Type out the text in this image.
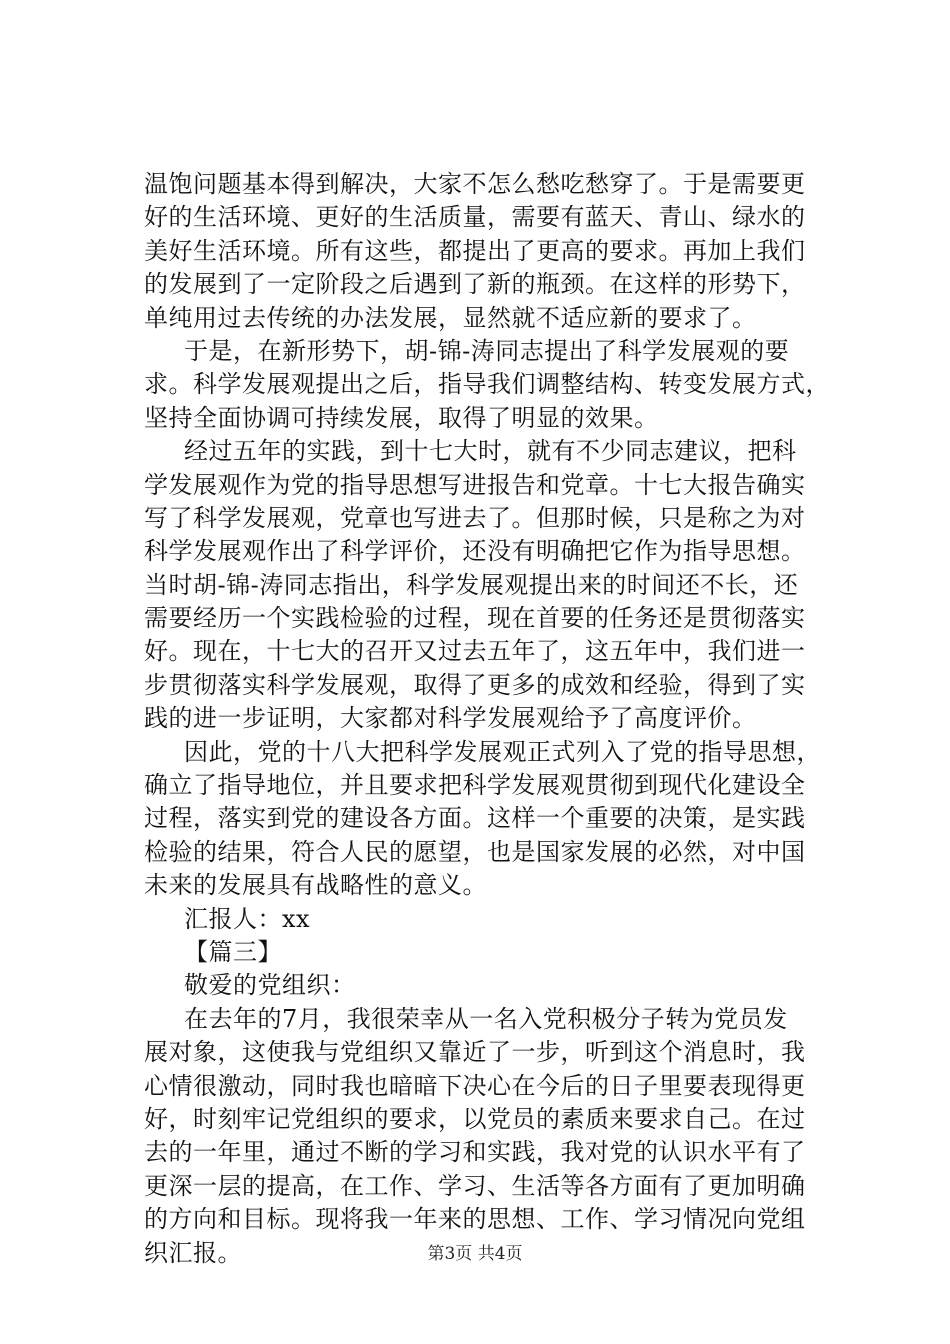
温饱问题基本得到解决，大家不怎么愁吃愁穿了。于是需要更
好的生活环境、更好的生活质量，需要有蓝天、青山、绿水的
美好生活环境。所有这些，都提出了更高的要求。再加上我们
的发展到了一定阶段之后遇到了新的瓶颈。在这样的形势下，
单纯用过去传统的办法发展，显然就不适应新的要求了。
于是，在新形势下，胡-锦-涛同志提出了科学发展观的要
求。科学发展观提出之后，指导我们调整结构、转变发展方式，
坚持全面协调可持续发展，取得了明显的效果。
经过五年的实践，到十七大时，就有不少同志建议，把科
学发展观作为党的指导思想写进报告和党章。十七大报告确实
写了科学发展观，党章也写进去了。但那时候，只是称之为对
科学发展观作出了科学评价，还没有明确把它作为指导思想。
当时胡-锦-涛同志指出，科学发展观提出来的时间还不长，还
需要经历一个实践检验的过程，现在首要的任务还是贯彻落实
好。现在，十七大的召开又过去五年了，这五年中，我们进一
步贯彻落实科学发展观，取得了更多的成效和经验，得到了实
践的进一步证明，大家都对科学发展观给予了高度评价。
因此，党的十八大把科学发展观正式列入了党的指导思想，
确立了指导地位，并且要求把科学发展观贯彻到现代化建设全
过程，落实到党的建设各方面。这样一个重要的决策，是实践
检验的结果，符合人民的愿望，也是国家发展的必然，对中国
未来的发展具有战略性的意义。
汇报人：xx
【篇三】
敬爱的党组织：
在去年的7月，我很荣幸从一名入党积极分子转为党员发
展对象，这使我与党组织又靠近了一步，听到这个消息时，我
心情很激动，同时我也暗暗下决心在今后的日子里要表现得更
好，时刻牢记党组织的要求，以党员的素质来要求自己。在过
去的一年里，通过不断的学习和实践，我对党的认识水平有了
更深一层的提高，在工作、学习、生活等各方面有了更加明确
的方向和目标。现将我一年来的思想、工作、学习情况向党组
织汇报。	第3页 共4页
